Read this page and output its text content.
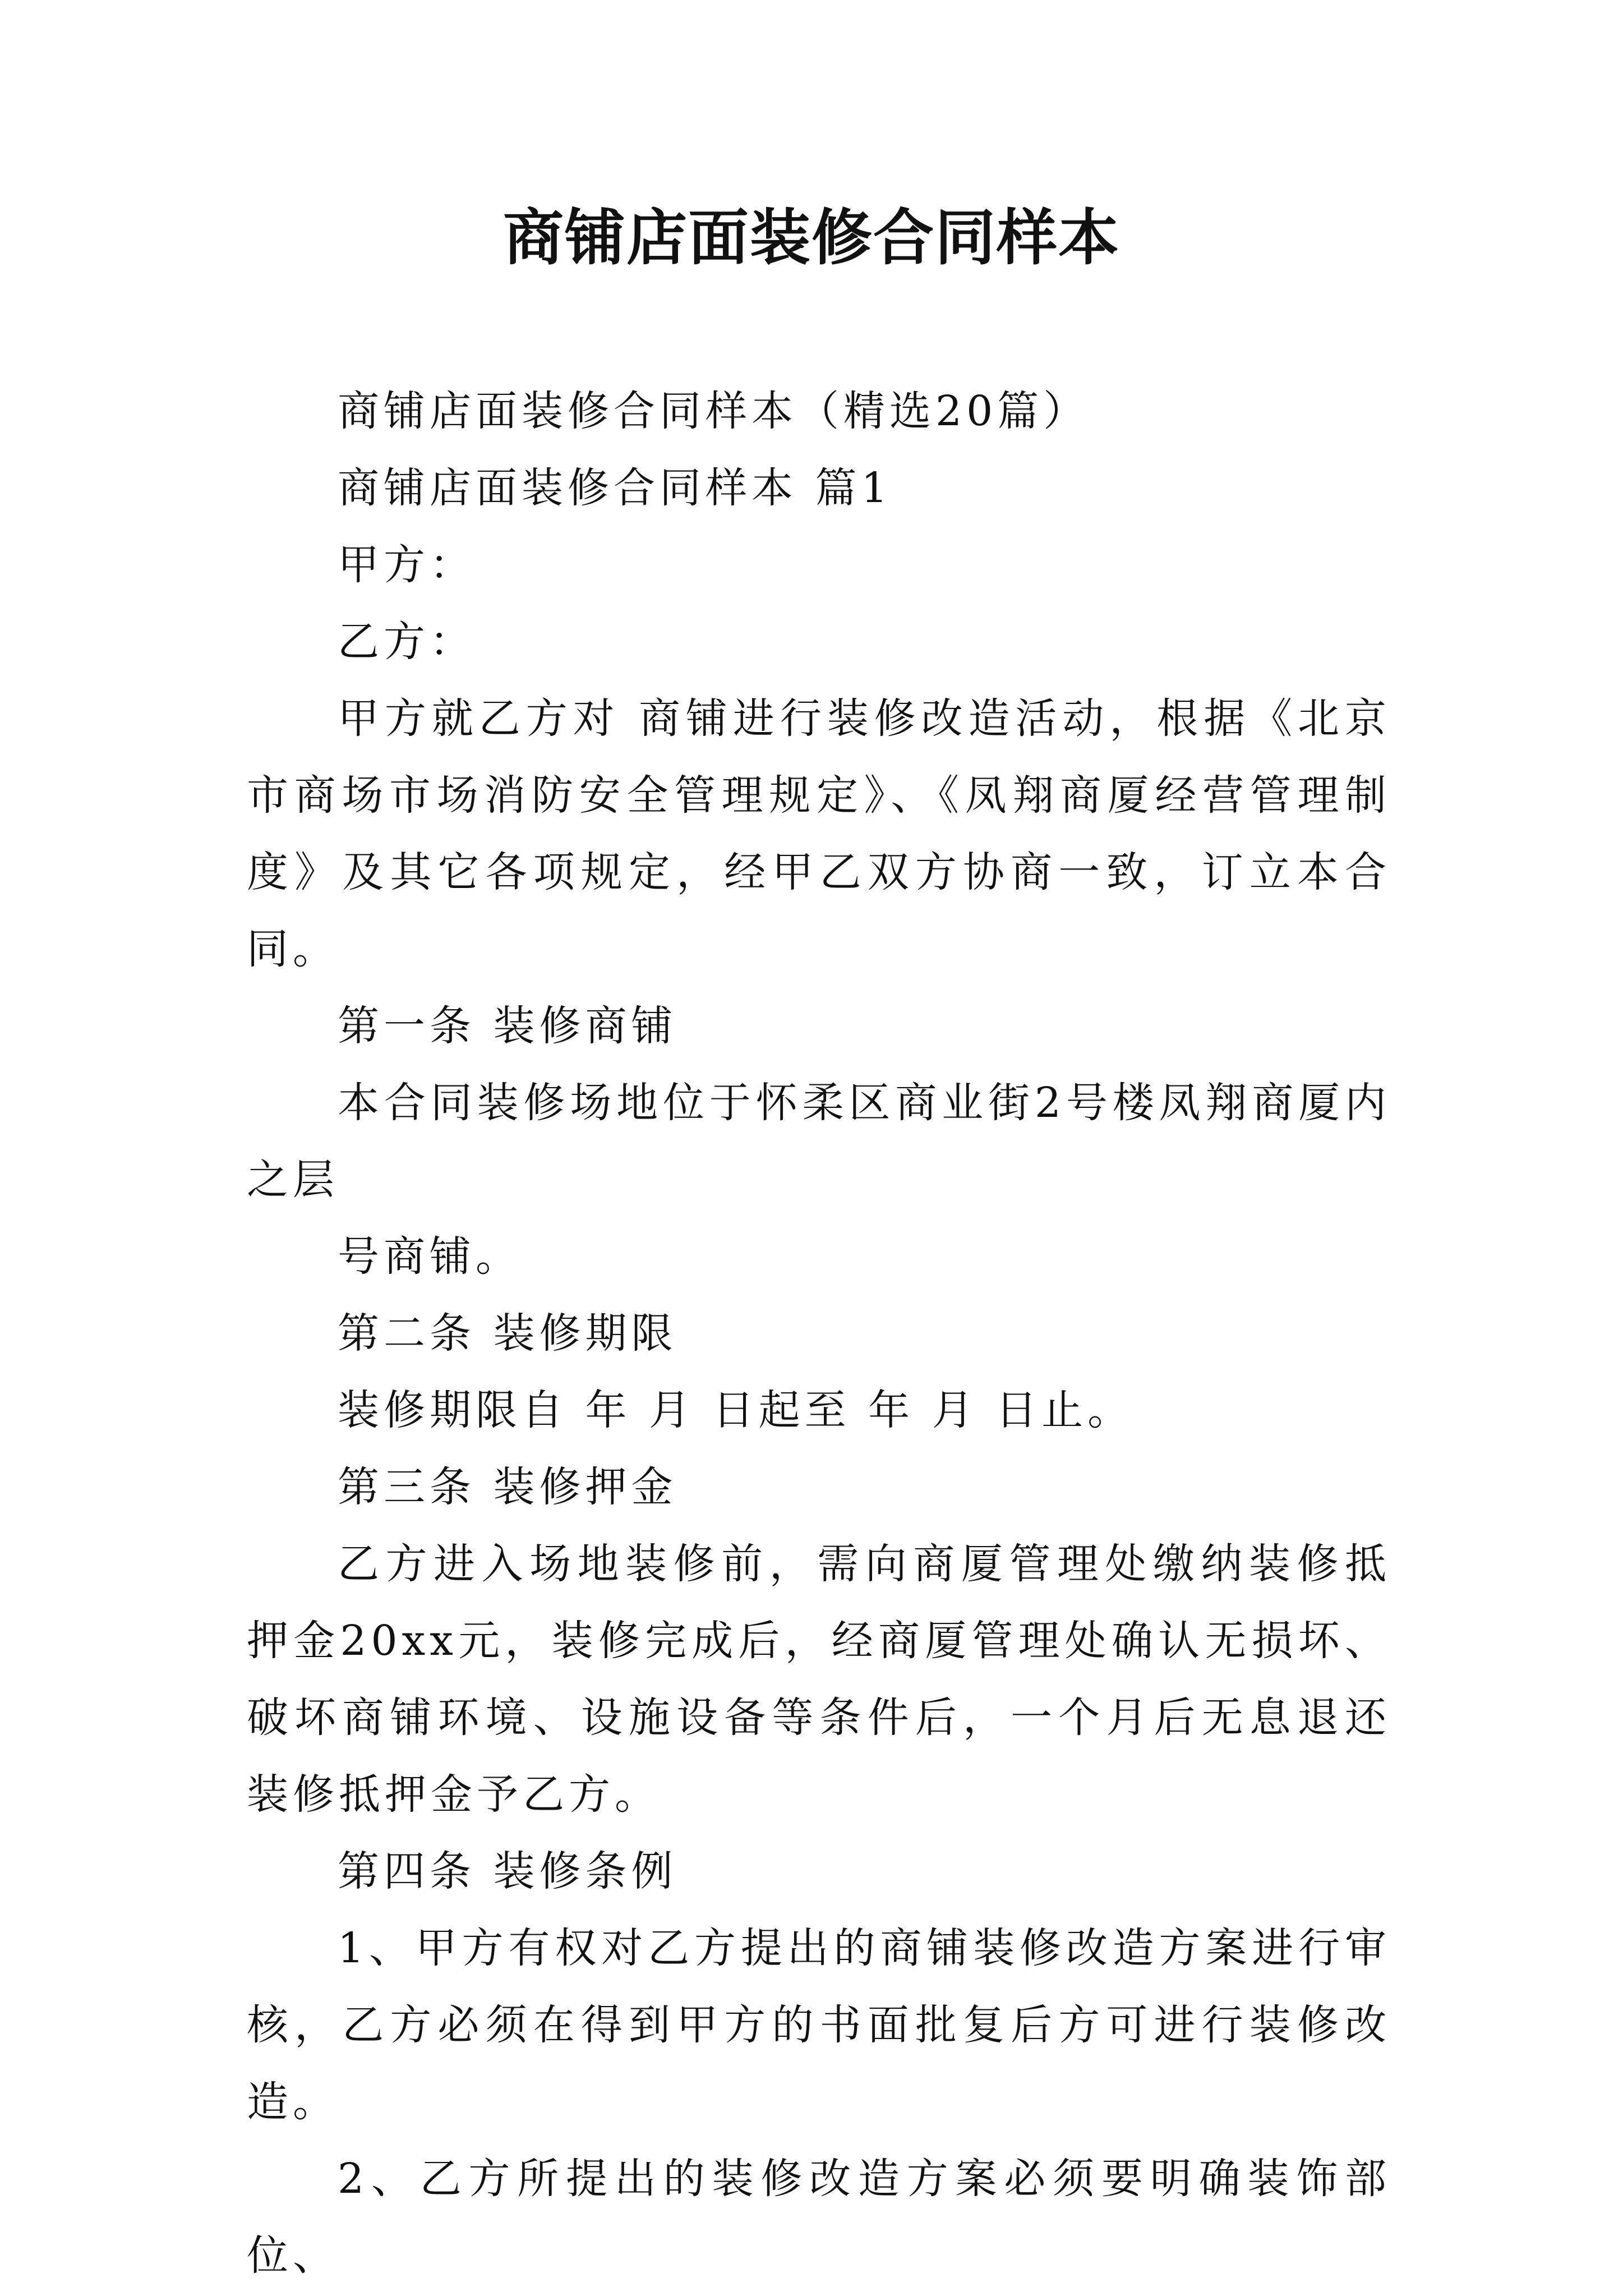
商铺店面装修合同样本

商铺店面装修合同样本（精选20篇）

商铺店面装修合同样本 篇1

甲方：

乙方：

甲方就乙方对 商铺进行装修改造活动，根据《北京市商场市场消防安全管理规定》、《凤翔商厦经营管理制度》及其它各项规定，经甲乙双方协商一致，订立本合同。

第一条 装修商铺

本合同装修场地位于怀柔区商业街2号楼凤翔商厦内之层

号商铺。

第二条 装修期限

装修期限自 年 月 日起至 年 月 日止。

第三条 装修押金

乙方进入场地装修前，需向商厦管理处缴纳装修抵押金20xx元，装修完成后，经商厦管理处确认无损坏、破坏商铺环境、设施设备等条件后，一个月后无息退还装修抵押金予乙方。

第四条 装修条例

1、甲方有权对乙方提出的商铺装修改造方案进行审核，乙方必须在得到甲方的书面批复后方可进行装修改造。

2、乙方所提出的装修改造方案必须要明确装饰部位、
